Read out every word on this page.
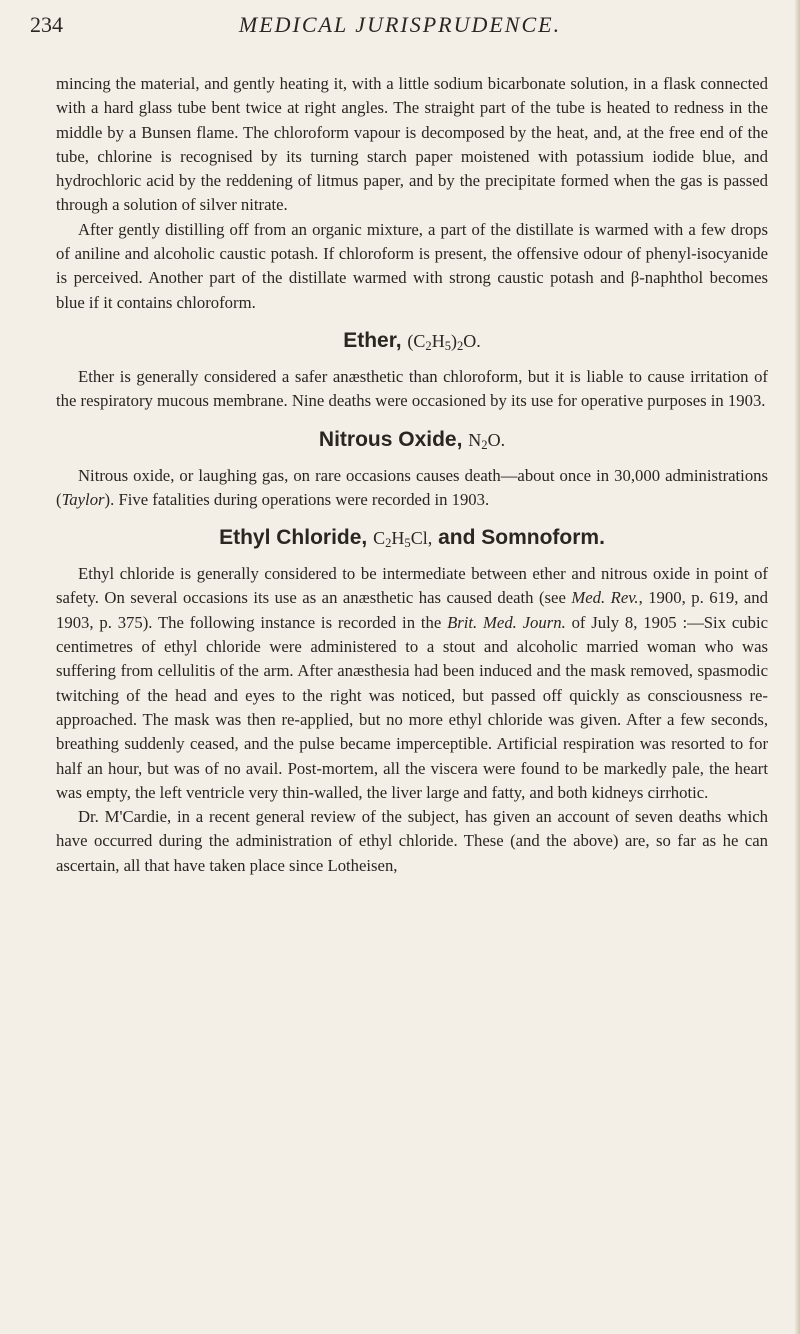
234	MEDICAL JURISPRUDENCE.

mincing the material, and gently heating it, with a little sodium bicarbonate solution, in a flask connected with a hard glass tube bent twice at right angles. The straight part of the tube is heated to redness in the middle by a Bunsen flame. The chloroform vapour is decomposed by the heat, and, at the free end of the tube, chlorine is recognised by its turning starch paper moistened with potassium iodide blue, and hydrochloric acid by the reddening of litmus paper, and by the precipitate formed when the gas is passed through a solution of silver nitrate.

After gently distilling off from an organic mixture, a part of the distillate is warmed with a few drops of aniline and alcoholic caustic potash. If chloroform is present, the offensive odour of phenyl-isocyanide is perceived. Another part of the distillate warmed with strong caustic potash and β-naphthol becomes blue if it contains chloroform.

Ether, $(C_2H_5)_2O$.

Ether is generally considered a safer anæsthetic than chloroform, but it is liable to cause irritation of the respiratory mucous membrane. Nine deaths were occasioned by its use for operative purposes in 1903.

Nitrous Oxide, $N_2O$.

Nitrous oxide, or laughing gas, on rare occasions causes death—about once in 30,000 administrations (Taylor). Five fatalities during operations were recorded in 1903.

Ethyl Chloride, $C_2H_5Cl$, and Somnoform.

Ethyl chloride is generally considered to be intermediate between ether and nitrous oxide in point of safety. On several occasions its use as an anæsthetic has caused death (see Med. Rev., 1900, p. 619, and 1903, p. 375). The following instance is recorded in the Brit. Med. Journ. of July 8, 1905 :—Six cubic centimetres of ethyl chloride were administered to a stout and alcoholic married woman who was suffering from cellulitis of the arm. After anæsthesia had been induced and the mask removed, spasmodic twitching of the head and eyes to the right was noticed, but passed off quickly as consciousness re-approached. The mask was then re-applied, but no more ethyl chloride was given. After a few seconds, breathing suddenly ceased, and the pulse became imperceptible. Artificial respiration was resorted to for half an hour, but was of no avail. Post-mortem, all the viscera were found to be markedly pale, the heart was empty, the left ventricle very thin-walled, the liver large and fatty, and both kidneys cirrhotic.

Dr. M'Cardie, in a recent general review of the subject, has given an account of seven deaths which have occurred during the administration of ethyl chloride. These (and the above) are, so far as he can ascertain, all that have taken place since Lotheisen,
